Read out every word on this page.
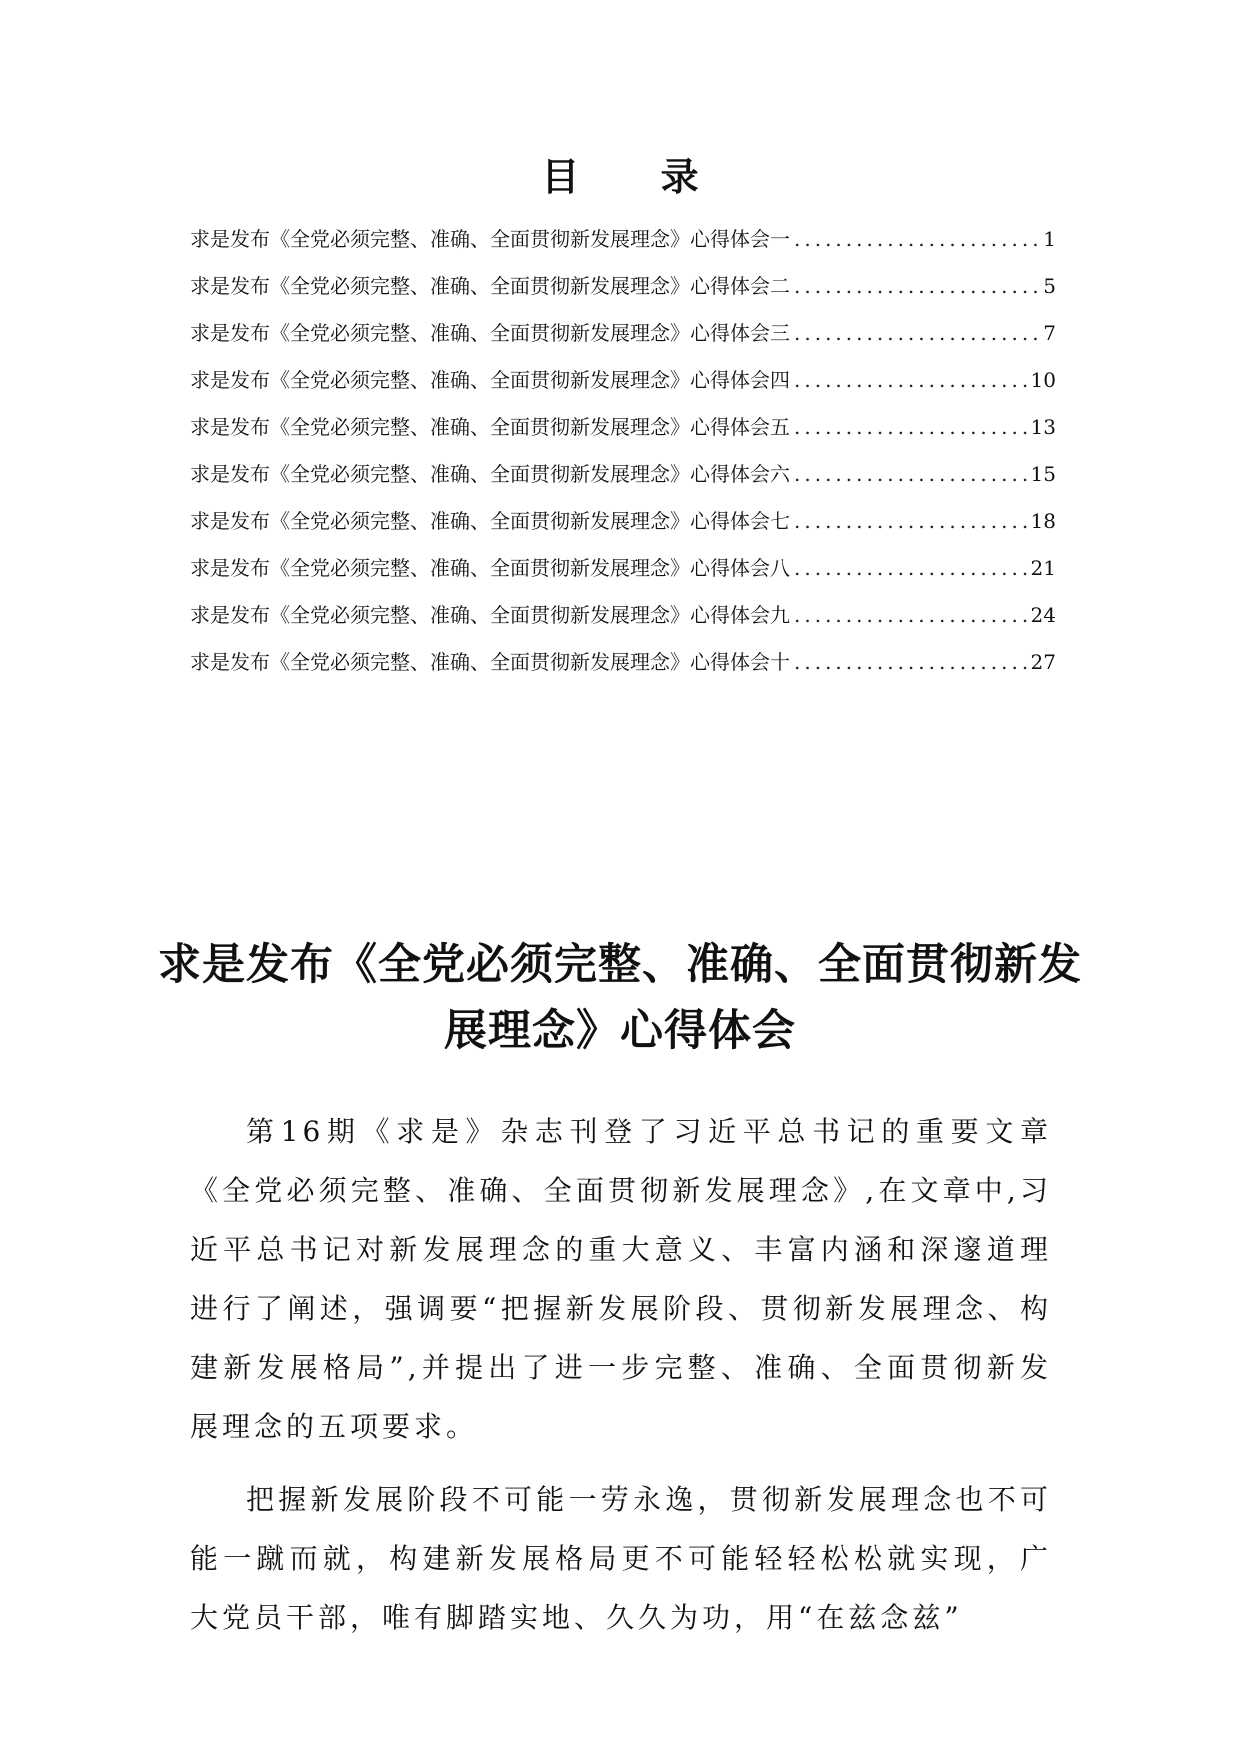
目 录
求是发布《全党必须完整、准确、全面贯彻新发展理念》心得体会一 .....	1
求是发布《全党必须完整、准确、全面贯彻新发展理念》心得体会二 .....	5
求是发布《全党必须完整、准确、全面贯彻新发展理念》心得体会三 .....	7
求是发布《全党必须完整、准确、全面贯彻新发展理念》心得体会四 .....	10
求是发布《全党必须完整、准确、全面贯彻新发展理念》心得体会五 .....	13
求是发布《全党必须完整、准确、全面贯彻新发展理念》心得体会六 .....	15
求是发布《全党必须完整、准确、全面贯彻新发展理念》心得体会七 .....	18
求是发布《全党必须完整、准确、全面贯彻新发展理念》心得体会八 .....	21
求是发布《全党必须完整、准确、全面贯彻新发展理念》心得体会九 .....	24
求是发布《全党必须完整、准确、全面贯彻新发展理念》心得体会十 .....	27
求是发布《全党必须完整、准确、全面贯彻新发展理念》心得体会

第16期《求是》杂志刊登了习近平总书记的重要文章《全党必须完整、准确、全面贯彻新发展理念》,在文章中,习近平总书记对新发展理念的重大意义、丰富内涵和深邃道理进行了阐述，强调要“把握新发展阶段、贯彻新发展理念、构建新发展格局”,并提出了进一步完整、准确、全面贯彻新发展理念的五项要求。

把握新发展阶段不可能一劳永逸，贯彻新发展理念也不可能一蹴而就，构建新发展格局更不可能轻轻松松就实现，广大党员干部，唯有脚踏实地、久久为功，用“在兹念兹”
